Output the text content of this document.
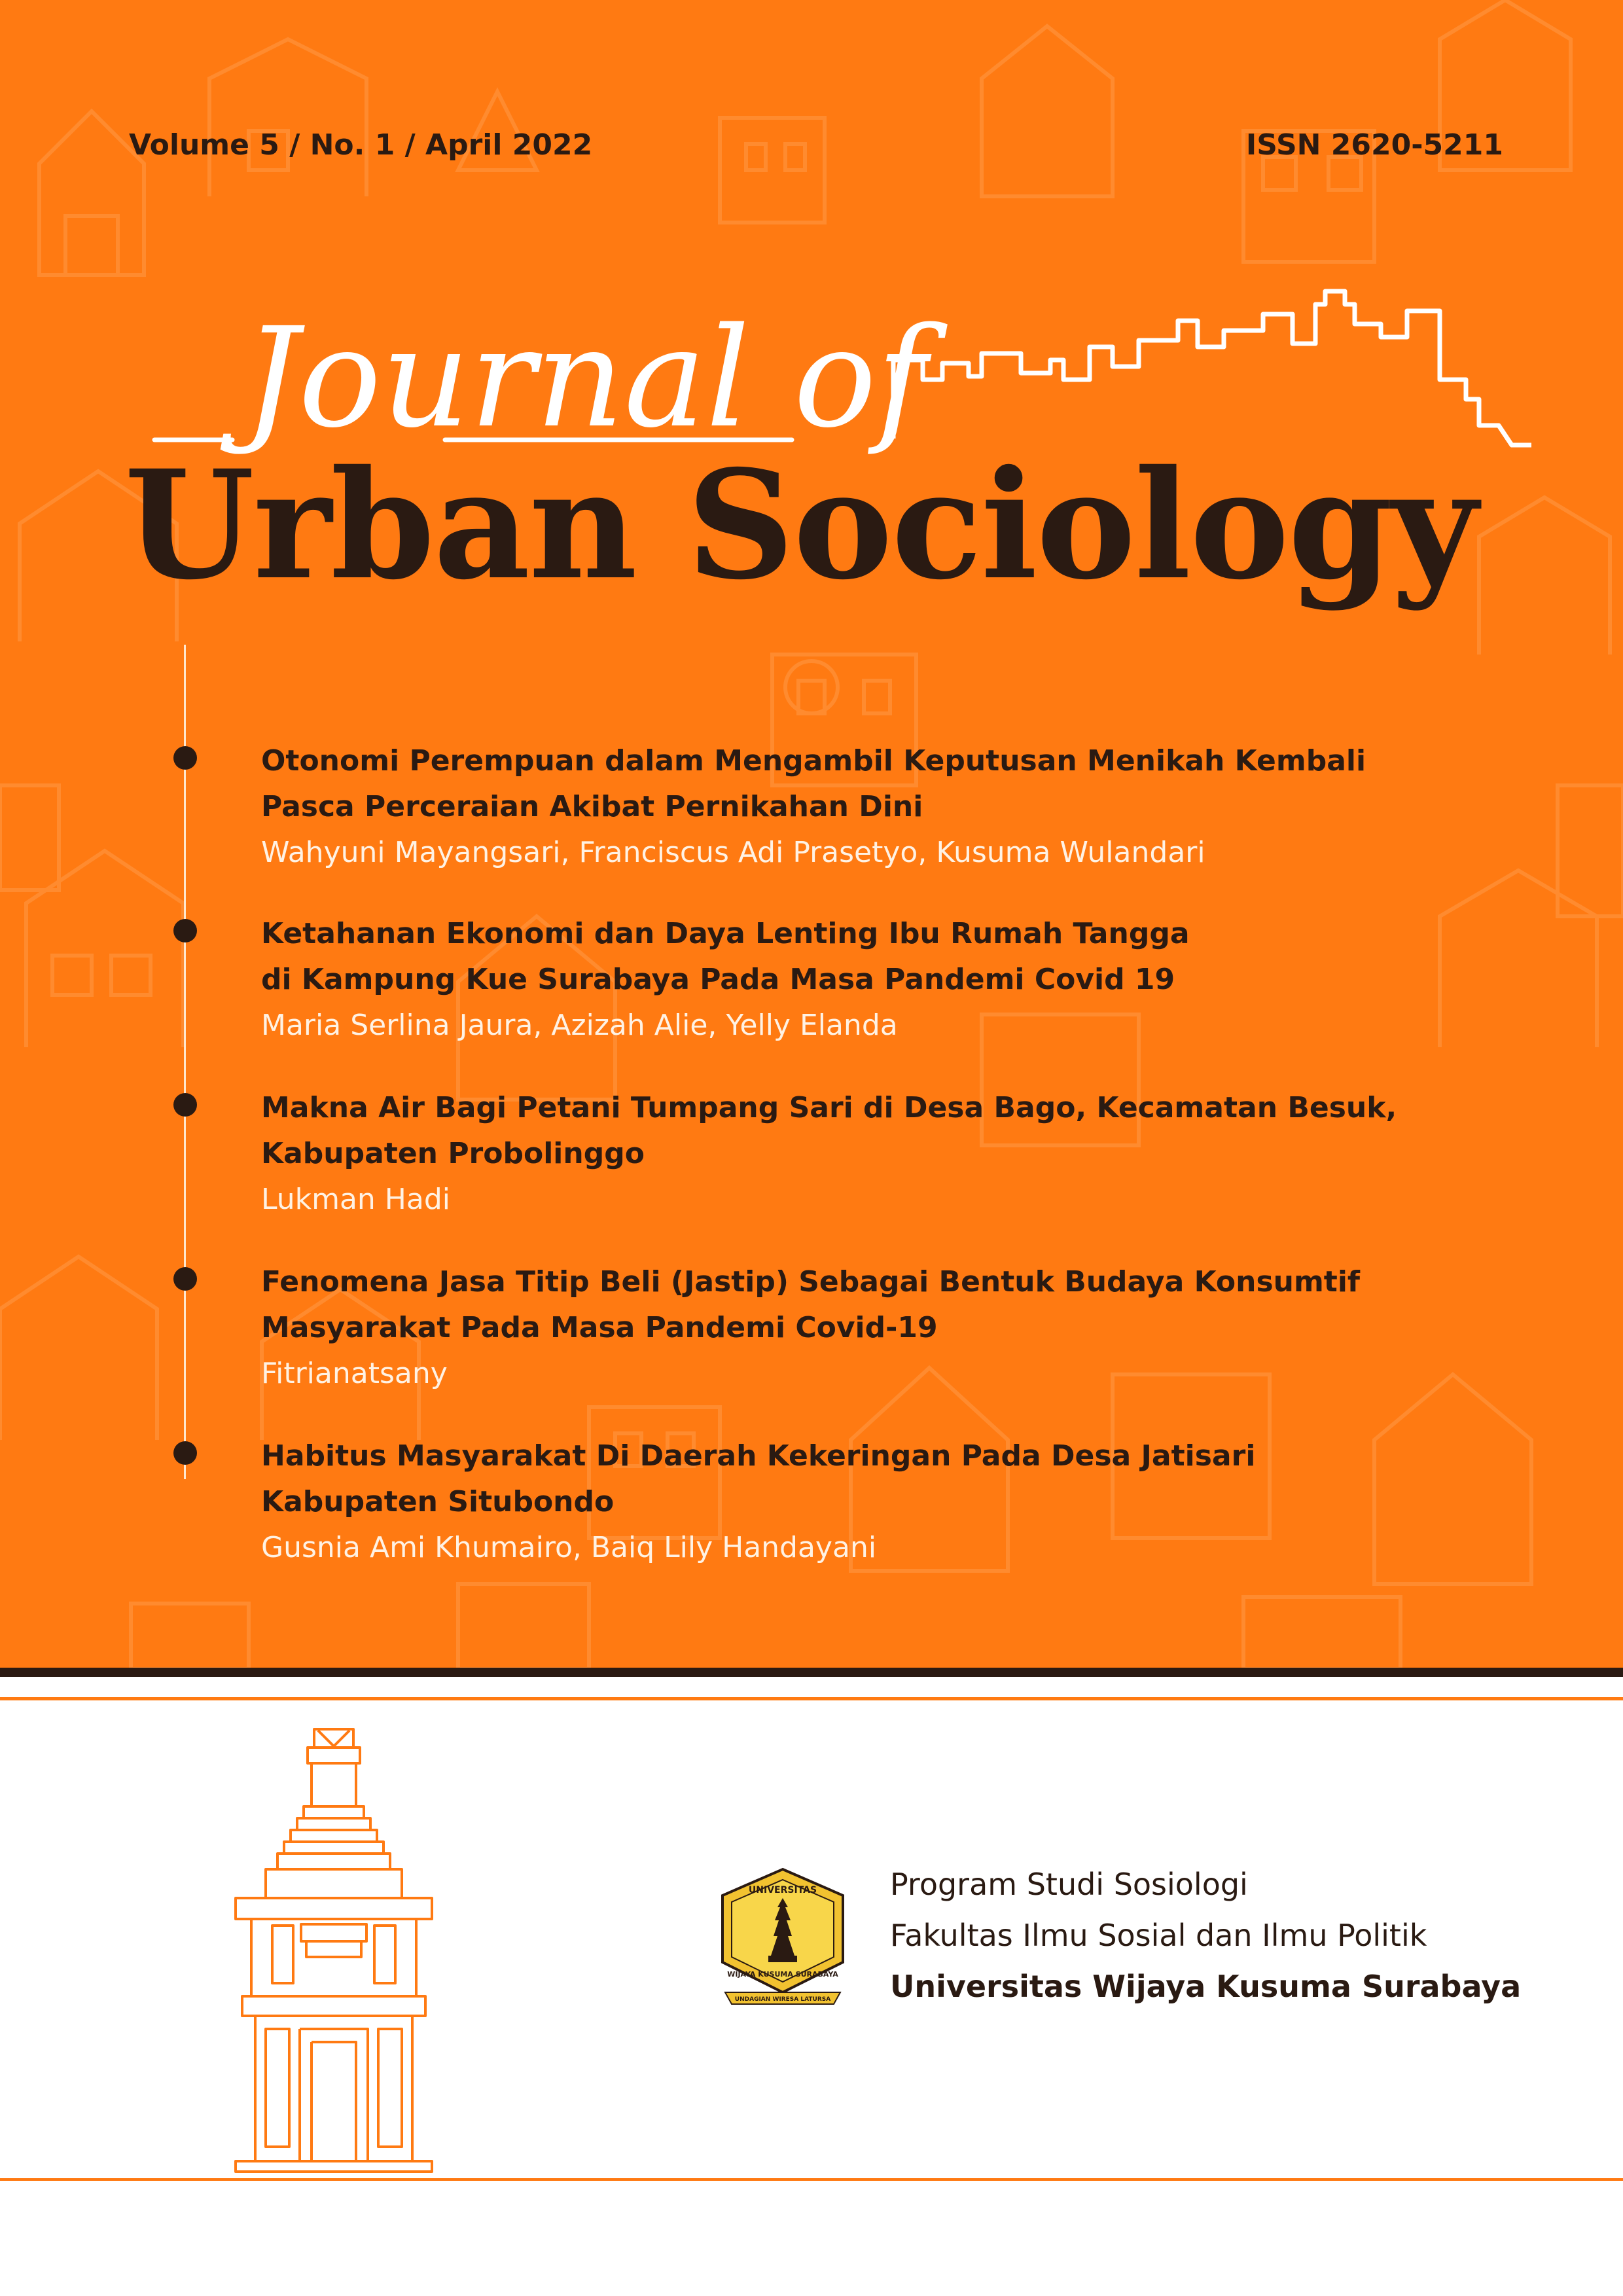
Volume 5 / No. 1 / April 2022	ISSN 2620-5211
Journal of
Urban Sociology
Otonomi Perempuan dalam Mengambil Keputusan Menikah Kembali
Pasca Perceraian Akibat Pernikahan Dini
Wahyuni Mayangsari, Franciscus Adi Prasetyo, Kusuma Wulandari
Ketahanan Ekonomi dan Daya Lenting Ibu Rumah Tangga
di Kampung Kue Surabaya Pada Masa Pandemi Covid 19
Maria Serlina Jaura, Azizah Alie, Yelly Elanda
Makna Air Bagi Petani Tumpang Sari di Desa Bago, Kecamatan Besuk,
Kabupaten Probolinggo
Lukman Hadi
Fenomena Jasa Titip Beli (Jastip) Sebagai Bentuk Budaya Konsumtif
Masyarakat Pada Masa Pandemi Covid-19
Fitrianatsany
Habitus Masyarakat Di Daerah Kekeringan Pada Desa Jatisari
Kabupaten Situbondo
Gusnia Ami Khumairo, Baiq Lily Handayani
UNIVERSITAS
WIJAYA KUSUMA SURABAYA
UNDAGIAN WIRESA LATURSA
Program Studi Sosiologi
Fakultas Ilmu Sosial dan Ilmu Politik
Universitas Wijaya Kusuma Surabaya
